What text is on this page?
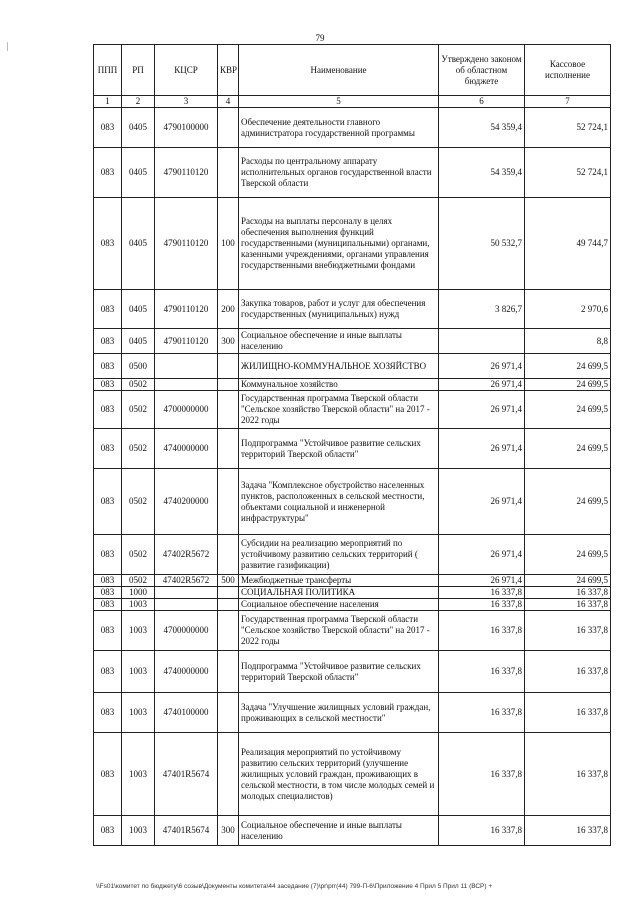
79
ППП	РП	КЦСР	КВР	Наименование	Утверждено законом об областном бюджете	Кассовое исполнение
1	2	3	4	5	6	7
083	0405	4790100000		Обеспечение деятельности главного администратора государственной программы	54 359,4	52 724,1
083	0405	4790110120		Расходы по центральному аппарату исполнительных органов государственной власти Тверской области	54 359,4	52 724,1
083	0405	4790110120	100	Расходы на выплаты персоналу в целях обеспечения выполнения функций государственными (муниципальными) органами, казенными учреждениями, органами управления государственными внебюджетными фондами	50 532,7	49 744,7
083	0405	4790110120	200	Закупка товаров, работ и услуг для обеспечения государственных (муниципальных) нужд	3 826,7	2 970,6
083	0405	4790110120	300	Социальное обеспечение и иные выплаты населению		8,8
083	0500			ЖИЛИЩНО-КОММУНАЛЬНОЕ ХОЗЯЙСТВО	26 971,4	24 699,5
083	0502			Коммунальное хозяйство	26 971,4	24 699,5
083	0502	4700000000		Государственная программа Тверской области "Сельское хозяйство Тверской области" на 2017 - 2022 годы	26 971,4	24 699,5
083	0502	4740000000		Подпрограмма "Устойчивое развитие сельских территорий Тверской области"	26 971,4	24 699,5
083	0502	4740200000		Задача "Комплексное обустройство населенных пунктов, расположенных в сельской местности, объектами социальной и инженерной инфраструктуры"	26 971,4	24 699,5
083	0502	47402R5672		Субсидии на реализацию мероприятий по устойчивому развитию сельских территорий ( развитие газификации)	26 971,4	24 699,5
083	0502	47402R5672	500	Межбюджетные трансферты	26 971,4	24 699,5
083	1000			СОЦИАЛЬНАЯ ПОЛИТИКА	16 337,8	16 337,8
083	1003			Социальное обеспечение населения	16 337,8	16 337,8
083	1003	4700000000		Государственная программа Тверской области "Сельское хозяйство Тверской области" на 2017 - 2022 годы	16 337,8	16 337,8
083	1003	4740000000		Подпрограмма "Устойчивое развитие сельских территорий Тверской области"	16 337,8	16 337,8
083	1003	4740100000		Задача "Улучшение жилищных условий граждан, проживающих в сельской местности"	16 337,8	16 337,8
083	1003	47401R5674		Реализация мероприятий по устойчивому развитию сельских территорий (улучшение жилищных условий граждан, проживающих в сельской местности, в том числе молодых семей и молодых специалистов)	16 337,8	16 337,8
083	1003	47401R5674	300	Социальное обеспечение и иные выплаты населению	16 337,8	16 337,8
\\Fs01\комитет по бюджету\6 созыв\Документы комитета\44 заседание (7)\pr\prr(44) 799-П-6\Приложение 4 Прил 5 Прил 11 (ВСР) +
